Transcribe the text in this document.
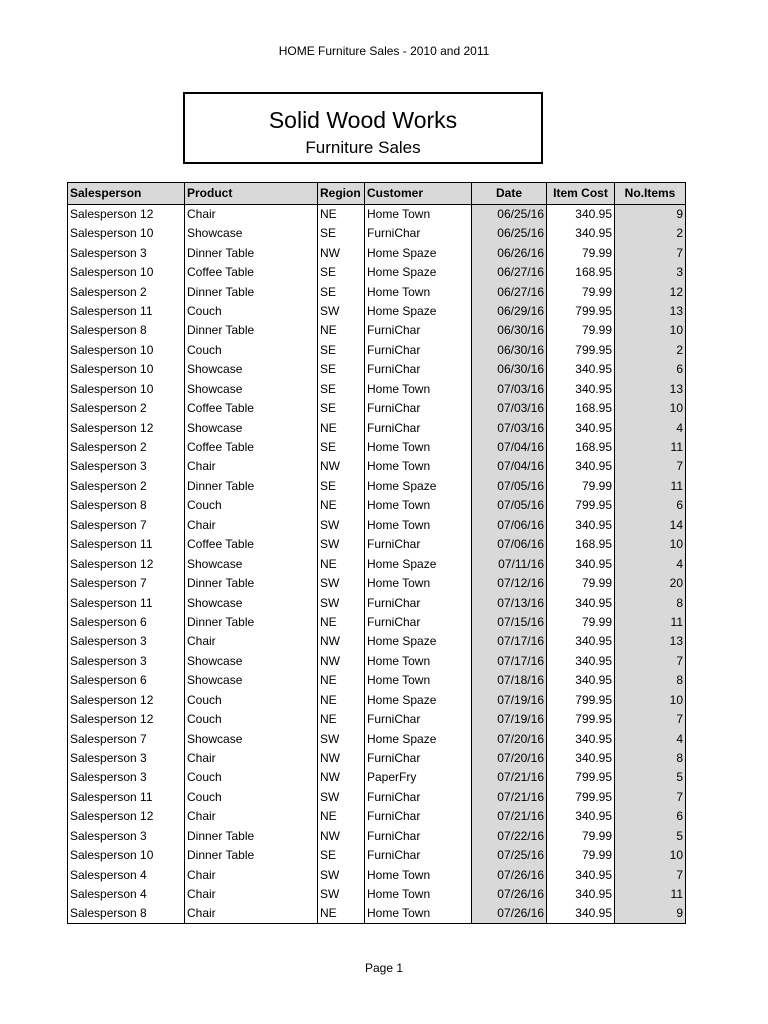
HOME Furniture Sales - 2010 and 2011
Solid Wood Works
Furniture Sales
Salesperson	Product	Region	Customer	Date	Item Cost	No.Items
Salesperson 12	Chair	NE	Home Town	06/25/16	340.95	9
Salesperson 10	Showcase	SE	FurniChar	06/25/16	340.95	2
Salesperson 3	Dinner Table	NW	Home Spaze	06/26/16	79.99	7
Salesperson 10	Coffee Table	SE	Home Spaze	06/27/16	168.95	3
Salesperson 2	Dinner Table	SE	Home Town	06/27/16	79.99	12
Salesperson 11	Couch	SW	Home Spaze	06/29/16	799.95	13
Salesperson 8	Dinner Table	NE	FurniChar	06/30/16	79.99	10
Salesperson 10	Couch	SE	FurniChar	06/30/16	799.95	2
Salesperson 10	Showcase	SE	FurniChar	06/30/16	340.95	6
Salesperson 10	Showcase	SE	Home Town	07/03/16	340.95	13
Salesperson 2	Coffee Table	SE	FurniChar	07/03/16	168.95	10
Salesperson 12	Showcase	NE	FurniChar	07/03/16	340.95	4
Salesperson 2	Coffee Table	SE	Home Town	07/04/16	168.95	11
Salesperson 3	Chair	NW	Home Town	07/04/16	340.95	7
Salesperson 2	Dinner Table	SE	Home Spaze	07/05/16	79.99	11
Salesperson 8	Couch	NE	Home Town	07/05/16	799.95	6
Salesperson 7	Chair	SW	Home Town	07/06/16	340.95	14
Salesperson 11	Coffee Table	SW	FurniChar	07/06/16	168.95	10
Salesperson 12	Showcase	NE	Home Spaze	07/11/16	340.95	4
Salesperson 7	Dinner Table	SW	Home Town	07/12/16	79.99	20
Salesperson 11	Showcase	SW	FurniChar	07/13/16	340.95	8
Salesperson 6	Dinner Table	NE	FurniChar	07/15/16	79.99	11
Salesperson 3	Chair	NW	Home Spaze	07/17/16	340.95	13
Salesperson 3	Showcase	NW	Home Town	07/17/16	340.95	7
Salesperson 6	Showcase	NE	Home Town	07/18/16	340.95	8
Salesperson 12	Couch	NE	Home Spaze	07/19/16	799.95	10
Salesperson 12	Couch	NE	FurniChar	07/19/16	799.95	7
Salesperson 7	Showcase	SW	Home Spaze	07/20/16	340.95	4
Salesperson 3	Chair	NW	FurniChar	07/20/16	340.95	8
Salesperson 3	Couch	NW	PaperFry	07/21/16	799.95	5
Salesperson 11	Couch	SW	FurniChar	07/21/16	799.95	7
Salesperson 12	Chair	NE	FurniChar	07/21/16	340.95	6
Salesperson 3	Dinner Table	NW	FurniChar	07/22/16	79.99	5
Salesperson 10	Dinner Table	SE	FurniChar	07/25/16	79.99	10
Salesperson 4	Chair	SW	Home Town	07/26/16	340.95	7
Salesperson 4	Chair	SW	Home Town	07/26/16	340.95	11
Salesperson 8	Chair	NE	Home Town	07/26/16	340.95	9
Page 1
